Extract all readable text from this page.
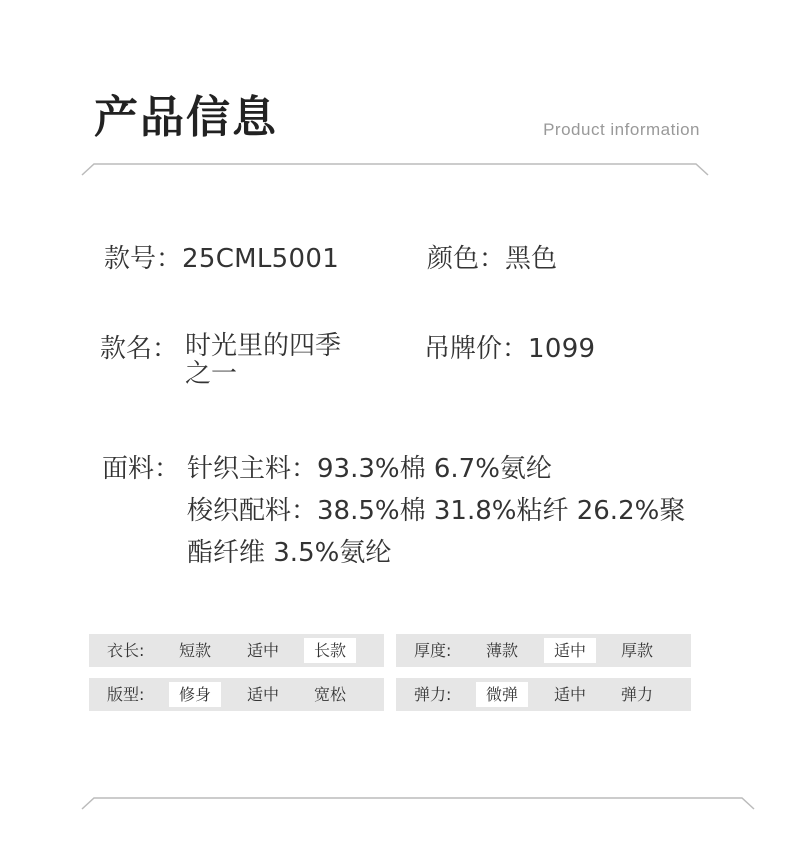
产品信息	Product information
款号：25CML5001	颜色：黑色
款名： 时光里的四季
之一
吊牌价：1099
面料： 针织主料：93.3%棉 6.7%氨纶
梭织配料：38.5%棉 31.8%粘纤 26.2%聚
酯纤维 3.5%氨纶
衣长: 短款 适中	长款	厚度: 薄款	适中	厚款
版型:	修身	适中 宽松	弹力:	微弹	适中 弹力
